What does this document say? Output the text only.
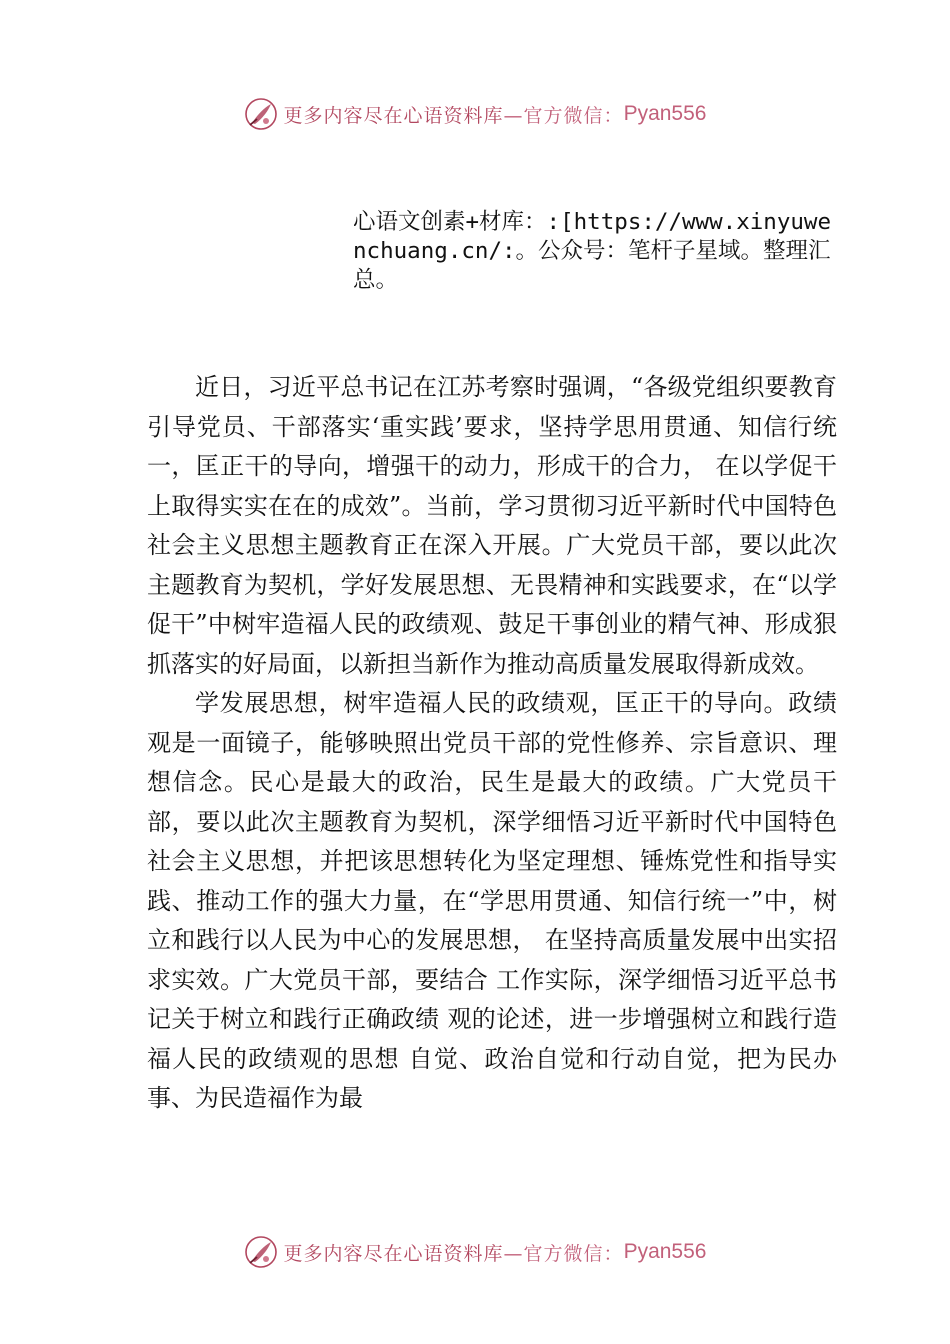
更多内容尽在心语资料库 —官方微信： Pyan556
心语文创素+材库：:[https://www.xinyuwenchuang.cn/:。公众号：笔杆子星域。整理汇总。

近日，习近平总书记在江苏考察时强调，“各级党组织要教育引导党员、干部落实‘重实践’要求，坚持学思用贯通、知信行统一，匡正干的导向，增强干的动力，形成干的合力， 在以学促干上取得实实在在的成效”。当前，学习贯彻习近平新时代中国特色社会主义思想主题教育正在深入开展。广大党员干部，要以此次主题教育为契机，学好发展思想、无畏精神和实践要求，在“以学促干”中树牢造福人民的政绩观、鼓足干事创业的精气神、形成狠抓落实的好局面，以新担当新作为推动高质量发展取得新成效。

学发展思想，树牢造福人民的政绩观，匡正干的导向。政绩观是一面镜子，能够映照出党员干部的党性修养、宗旨意识、理想信念。民心是最大的政治，民生是最大的政绩。广大党员干部，要以此次主题教育为契机，深学细悟习近平新时代中国特色社会主义思想，并把该思想转化为坚定理想、锤炼党性和指导实践、推动工作的强大力量，在“学思用贯通、知信行统一”中，树立和践行以人民为中心的发展思想， 在坚持高质量发展中出实招求实效。广大党员干部，要结合 工作实际，深学细悟习近平总书记关于树立和践行正确政绩 观的论述，进一步增强树立和践行造福人民的政绩观的思想 自觉、政治自觉和行动自觉，把为民办事、为民造福作为最

更多内容尽在心语资料库 —官方微信： Pyan556
